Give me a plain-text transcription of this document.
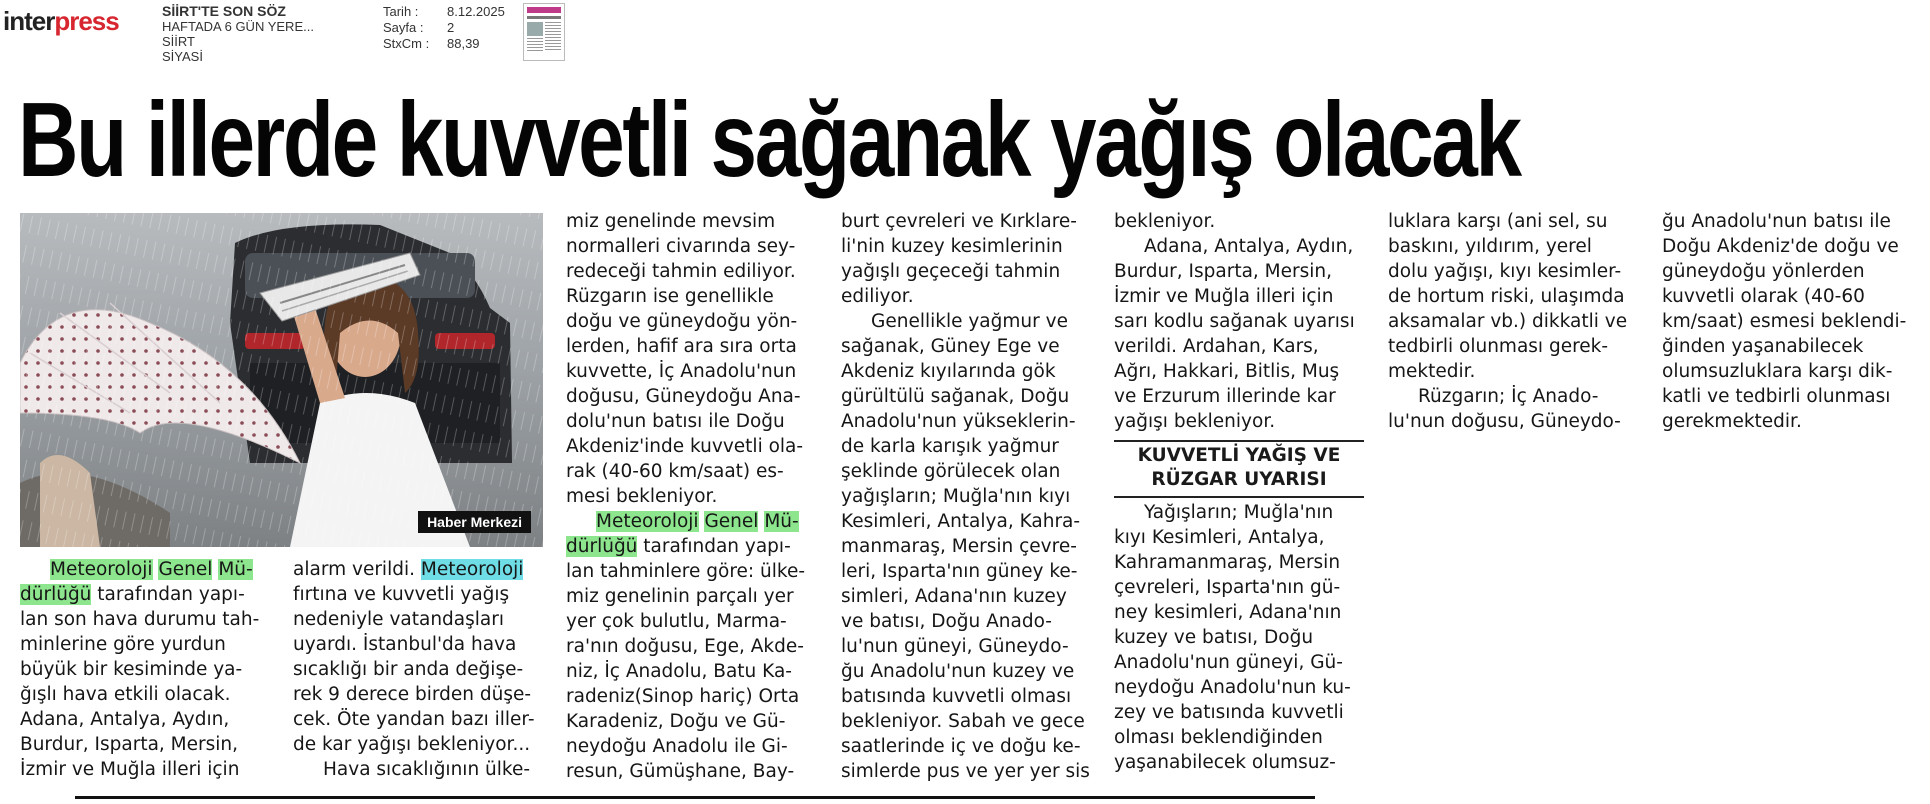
interpress	SİİRT'TE SON SÖZ
HAFTADA 6 GÜN YERE...
SİİRT
SİYASİ
Tarih :	8.12.2025
Sayfa :	2
StxCm :	88,39
Bu illerde kuvvetli sağanak yağış olacak
Haber Merkezi

Meteoroloji Genel Mü-

dürlüğü tarafından yapı-

lan son hava durumu tah-

minlerine göre yurdun

büyük bir kesiminde ya-

ğışlı hava etkili olacak.

Adana, Antalya, Aydın,

Burdur, Isparta, Mersin,

İzmir ve Muğla illeri için

alarm verildi. Meteoroloji

fırtına ve kuvvetli yağış

nedeniyle vatandaşları

uyardı. İstanbul'da hava

sıcaklığı bir anda değişe-

rek 9 derece birden düşe-

cek. Öte yandan bazı iller-

de kar yağışı bekleniyor...

Hava sıcaklığının ülke-

miz genelinde mevsim

normalleri civarında sey-

redeceği tahmin ediliyor.

Rüzgarın ise genellikle

doğu ve güneydoğu yön-

lerden, hafif ara sıra orta

kuvvette, İç Anadolu'nun

doğusu, Güneydoğu Ana-

dolu'nun batısı ile Doğu

Akdeniz'inde kuvvetli ola-

rak (40-60 km/saat) es-

mesi bekleniyor.

Meteoroloji Genel Mü-

dürlüğü tarafından yapı-

lan tahminlere göre: ülke-

miz genelinin parçalı yer

yer çok bulutlu, Marma-

ra'nın doğusu, Ege, Akde-

niz, İç Anadolu, Batu Ka-

radeniz(Sinop hariç) Orta

Karadeniz, Doğu ve Gü-

neydoğu Anadolu ile Gi-

resun, Gümüşhane, Bay-

burt çevreleri ve Kırklare-

li'nin kuzey kesimlerinin

yağışlı geçeceği tahmin

ediliyor.

Genellikle yağmur ve

sağanak, Güney Ege ve

Akdeniz kıyılarında gök

gürültülü sağanak, Doğu

Anadolu'nun yükseklerin-

de karla karışık yağmur

şeklinde görülecek olan

yağışların; Muğla'nın kıyı

Kesimleri, Antalya, Kahra-

manmaraş, Mersin çevre-

leri, Isparta'nın güney ke-

simleri, Adana'nın kuzey

ve batısı, Doğu Anado-

lu'nun güneyi, Güneydo-

ğu Anadolu'nun kuzey ve

batısında kuvvetli olması

bekleniyor. Sabah ve gece

saatlerinde iç ve doğu ke-

simlerde pus ve yer yer sis

bekleniyor.

Adana, Antalya, Aydın,

Burdur, Isparta, Mersin,

İzmir ve Muğla illeri için

sarı kodlu sağanak uyarısı

verildi. Ardahan, Kars,

Ağrı, Hakkari, Bitlis, Muş

ve Erzurum illerinde kar

yağışı bekleniyor.

KUVVETLİ YAĞIŞ VE
RÜZGAR UYARISI

Yağışların; Muğla'nın

kıyı Kesimleri, Antalya,

Kahramanmaraş, Mersin

çevreleri, Isparta'nın gü-

ney kesimleri, Adana'nın

kuzey ve batısı, Doğu

Anadolu'nun güneyi, Gü-

neydoğu Anadolu'nun ku-

zey ve batısında kuvvetli

olması beklendiğinden

yaşanabilecek olumsuz-

luklara karşı (ani sel, su

baskını, yıldırım, yerel

dolu yağışı, kıyı kesimler-

de hortum riski, ulaşımda

aksamalar vb.) dikkatli ve

tedbirli olunması gerek-

mektedir.

Rüzgarın; İç Anado-

lu'nun doğusu, Güneydo-

ğu Anadolu'nun batısı ile

Doğu Akdeniz'de doğu ve

güneydoğu yönlerden

kuvvetli olarak (40-60

km/saat) esmesi beklendi-

ğinden yaşanabilecek

olumsuzluklara karşı dik-

katli ve tedbirli olunması

gerekmektedir.
